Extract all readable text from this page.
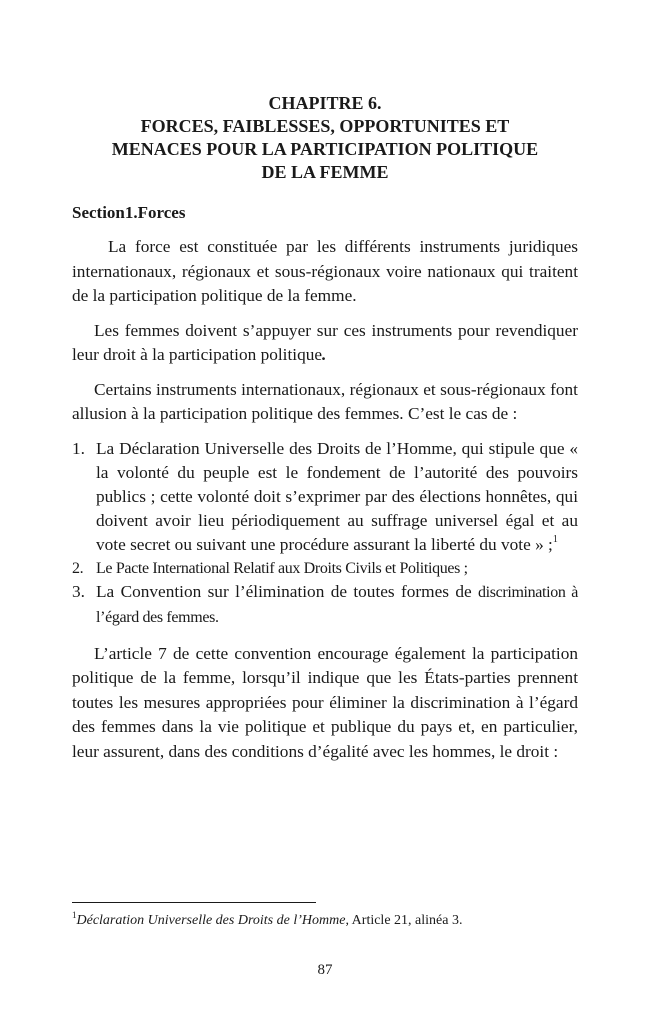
CHAPITRE 6.
FORCES, FAIBLESSES, OPPORTUNITES ET
MENACES POUR LA PARTICIPATION POLITIQUE
DE LA FEMME
Section1.Forces

La force est constituée par les différents instruments juridiques internationaux, régionaux et sous-régionaux voire nationaux qui traitent de la participation politique de la femme.

Les femmes doivent s’appuyer sur ces instruments pour revendiquer leur droit à la participation politique.

Certains instruments internationaux, régionaux et sous-régionaux font allusion à la participation politique des femmes. C’est le cas de :

1. La Déclaration Universelle des Droits de l’Homme, qui stipule que « la volonté du peuple est le fondement de l’autorité des pouvoirs publics ; cette volonté doit s’exprimer par des élections honnêtes, qui doivent avoir lieu périodiquement au suffrage universel égal et au vote secret ou suivant une procédure assurant la liberté du vote » ;$^1$
2. Le Pacte International Relatif aux Droits Civils et Politiques ;
3. La Convention sur l’élimination de toutes formes de discrimination à l’égard des femmes.

L’article 7 de cette convention encourage également la participation politique de la femme, lorsqu’il indique que les États-parties prennent toutes les mesures appropriées pour éliminer la discrimination à l’égard des femmes dans la vie politique et publique du pays et, en particulier, leur assurent, dans des conditions d’égalité avec les hommes, le droit :

$^1$Déclaration Universelle des Droits de l’Homme, Article 21, alinéa 3.
87
